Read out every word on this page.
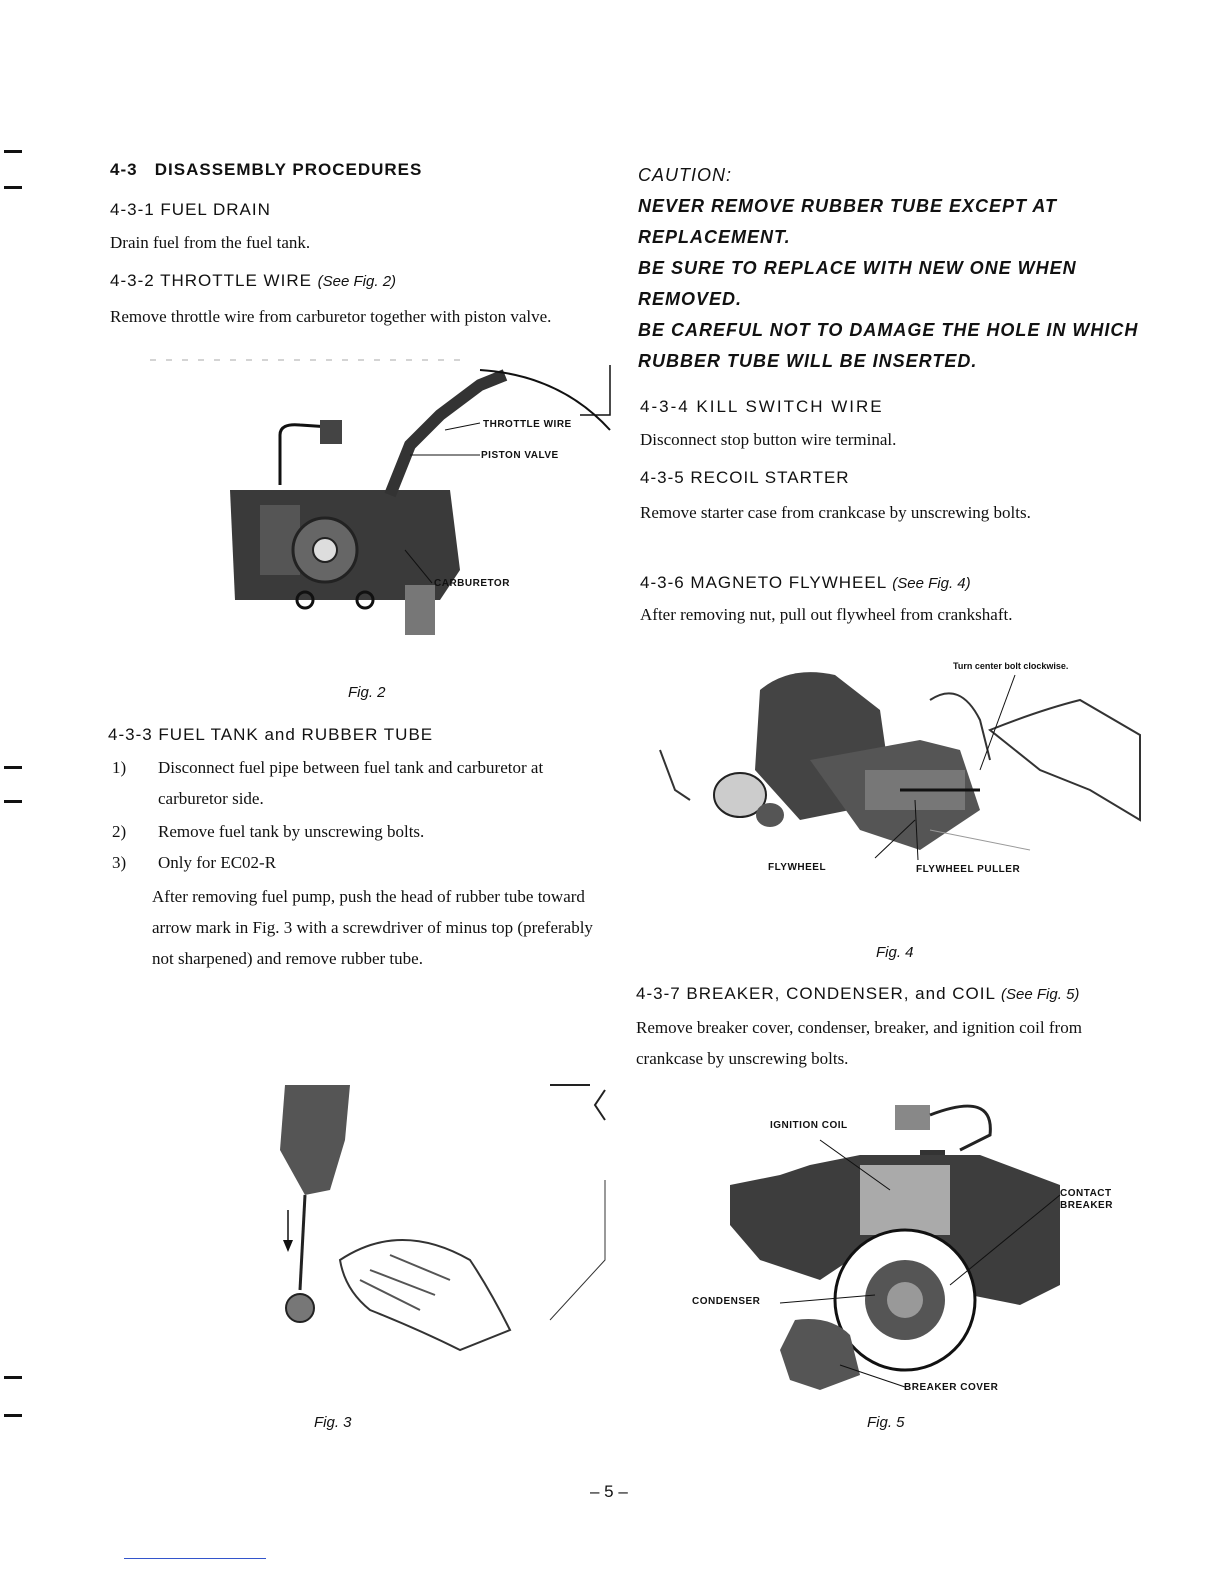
4-3 DISASSEMBLY PROCEDURES
4-3-1 FUEL DRAIN
Drain fuel from the fuel tank.
4-3-2 THROTTLE WIRE (See Fig. 2)
Remove throttle wire from carburetor together with piston valve.
THROTTLE WIRE
PISTON VALVE
CARBURETOR
Fig. 2
4-3-3 FUEL TANK and RUBBER TUBE
1)	Disconnect fuel pipe between fuel tank and carburetor at carburetor side.
2)	Remove fuel tank by unscrewing bolts.
3)	Only for EC02-R
After removing fuel pump, push the head of rubber tube toward arrow mark in Fig. 3 with a screwdriver of minus top (preferably not sharpened) and remove rubber tube.
Fig. 3
CAUTION:
NEVER REMOVE RUBBER TUBE EXCEPT AT REPLACEMENT.
BE SURE TO REPLACE WITH NEW ONE WHEN REMOVED.
BE CAREFUL NOT TO DAMAGE THE HOLE IN WHICH RUBBER TUBE WILL BE INSERTED.
4-3-4 KILL SWITCH WIRE
Disconnect stop button wire terminal.
4-3-5 RECOIL STARTER
Remove starter case from crankcase by unscrewing bolts.
4-3-6 MAGNETO FLYWHEEL (See Fig. 4)
After removing nut, pull out flywheel from crankshaft.
Turn center bolt clockwise.
FLYWHEEL	FLYWHEEL PULLER
Fig. 4
4-3-7 BREAKER, CONDENSER, and COIL (See Fig. 5)
Remove breaker cover, condenser, breaker, and ignition coil from crankcase by unscrewing bolts.
IGNITION COIL
CONTACT
BREAKER
CONDENSER
BREAKER COVER
Fig. 5
– 5 –
